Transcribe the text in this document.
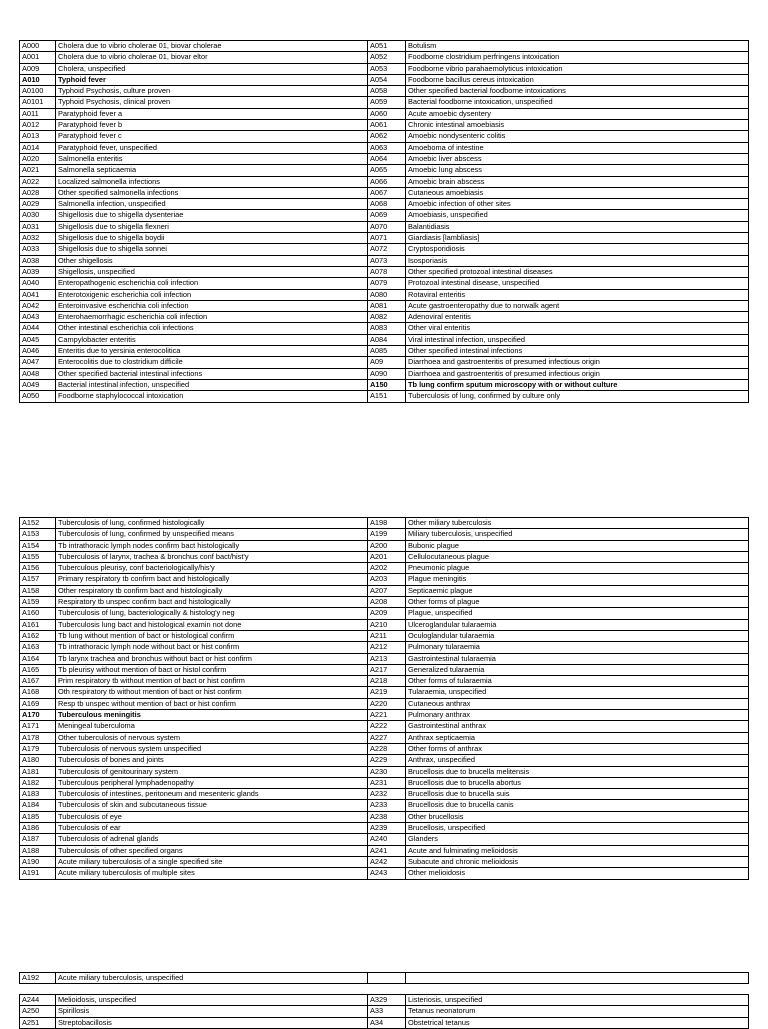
A000	Cholera due to vibrio cholerae 01, biovar cholerae	A051	Botulism
A001	Cholera due to vibrio cholerae 01, biovar eltor	A052	Foodborne clostridium perfringens intoxication
A009	Cholera, unspecified	A053	Foodborne vibrio parahaemolyticus intoxication
A010	Typhoid fever	A054	Foodborne bacillus cereus intoxication
A0100	Typhoid Psychosis, culture proven	A058	Other specified bacterial foodborne intoxications
A0101	Typhoid Psychosis, clinical proven	A059	Bacterial foodborne intoxication, unspecified
A011	Paratyphoid fever a	A060	Acute amoebic dysentery
A012	Paratyphoid fever b	A061	Chronic intestinal amoebiasis
A013	Paratyphoid fever c	A062	Amoebic nondysenteric colitis
A014	Paratyphoid fever, unspecified	A063	Amoeboma of intestine
A020	Salmonella enteritis	A064	Amoebic liver abscess
A021	Salmonella septicaemia	A065	Amoebic lung abscess
A022	Localized salmonella infections	A066	Amoebic brain abscess
A028	Other specified salmonella infections	A067	Cutaneous amoebiasis
A029	Salmonella infection, unspecified	A068	Amoebic infection of other sites
A030	Shigellosis due to shigella dysenteriae	A069	Amoebiasis, unspecified
A031	Shigellosis due to shigella flexneri	A070	Balantidiasis
A032	Shigellosis due to shigella boydii	A071	Giardiasis [lambliasis]
A033	Shigellosis due to shigella sonnei	A072	Cryptosporidiosis
A038	Other shigellosis	A073	Isosporiasis
A039	Shigellosis, unspecified	A078	Other specified protozoal intestinal diseases
A040	Enteropathogenic escherichia coli infection	A079	Protozoal intestinal disease, unspecified
A041	Enterotoxigenic escherichia coli infection	A080	Rotaviral enteritis
A042	Enteroinvasive escherichia coli infection	A081	Acute gastroenteropathy due to norwalk agent
A043	Enterohaemorrhagic escherichia coli infection	A082	Adenoviral enteritis
A044	Other intestinal escherichia coli infections	A083	Other viral enteritis
A045	Campylobacter enteritis	A084	Viral intestinal infection, unspecified
A046	Enteritis due to yersinia enterocolitica	A085	Other specified intestinal infections
A047	Enterocolitis due to clostridium difficile	A09	Diarrhoea and gastroenteritis of presumed infectious origin
A048	Other specified bacterial intestinal infections	A090	Diarrhoea and gastroenteritis of presumed infectious origin
A049	Bacterial intestinal infection, unspecified	A150	Tb lung confirm sputum microscopy with or without culture
A050	Foodborne staphylococcal intoxication	A151	Tuberculosis of lung, confirmed by culture only
A152	Tuberculosis of lung, confirmed histologically	A198	Other miliary tuberculosis
A153	Tuberculosis of lung, confirmed by unspecified means	A199	Miliary tuberculosis, unspecified
A154	Tb intrathoracic lymph nodes confirm bact histologically	A200	Bubonic plague
A155	Tuberculosis of larynx, trachea & bronchus conf bact/hist'y	A201	Cellulocutaneous plague
A156	Tuberculous pleurisy, conf bacteriologically/his'y	A202	Pneumonic plague
A157	Primary respiratory tb confirm bact and histologically	A203	Plague meningitis
A158	Other respiratory tb confirm bact and histologically	A207	Septicaemic plague
A159	Respiratory tb unspec confirm bact and histologically	A208	Other forms of plague
A160	Tuberculosis of lung, bacteriologically & histolog'y neg	A209	Plague, unspecified
A161	Tuberculosis lung bact and histological examin not done	A210	Ulceroglandular tularaemia
A162	Tb lung without mention of bact or histological confirm	A211	Oculoglandular tularaemia
A163	Tb intrathoracic lymph node without bact or hist confirm	A212	Pulmonary tularaemia
A164	Tb larynx trachea and bronchus without bact or hist confirm	A213	Gastrointestinal tularaemia
A165	Tb pleurisy without mention of bact or histol confirm	A217	Generalized tularaemia
A167	Prim respiratory tb without mention of bact or hist confirm	A218	Other forms of tularaemia
A168	Oth respiratory tb without mention of bact or hist confirm	A219	Tularaemia, unspecified
A169	Resp tb unspec without mention of bact or hist confirm	A220	Cutaneous anthrax
A170	Tuberculous meningitis	A221	Pulmonary anthrax
A171	Meningeal tuberculoma	A222	Gastrointestinal anthrax
A178	Other tuberculosis of nervous system	A227	Anthrax septicaemia
A179	Tuberculosis of nervous system unspecified	A228	Other forms of anthrax
A180	Tuberculosis of bones and joints	A229	Anthrax, unspecified
A181	Tuberculosis of genitourinary system	A230	Brucellosis due to brucella melitensis
A182	Tuberculous peripheral lymphadenopathy	A231	Brucellosis due to brucella abortus
A183	Tuberculosis of intestines, peritoneum and mesenteric glands	A232	Brucellosis due to brucella suis
A184	Tuberculosis of skin and subcutaneous tissue	A233	Brucellosis due to brucella canis
A185	Tuberculosis of eye	A238	Other brucellosis
A186	Tuberculosis of ear	A239	Brucellosis, unspecified
A187	Tuberculosis of adrenal glands	A240	Glanders
A188	Tuberculosis of other specified organs	A241	Acute and fulminating melioidosis
A190	Acute miliary tuberculosis of a single specified site	A242	Subacute and chronic melioidosis
A191	Acute miliary tuberculosis of multiple sites	A243	Other melioidosis
A192	Acute miliary tuberculosis, unspecified		
A244	Melioidosis, unspecified	A329	Listeriosis, unspecified
A250	Spirillosis	A33	Tetanus neonatorum
A251	Streptobacillosis	A34	Obstetrical tetanus
